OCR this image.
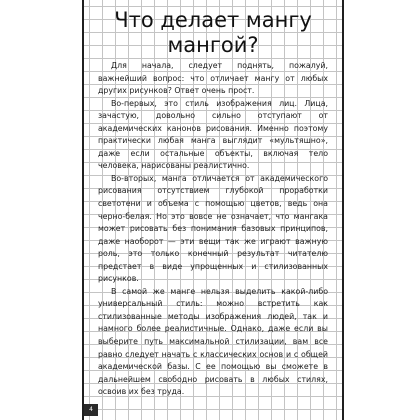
Что делает мангу
мангой?

Для начала, следует поднять, пожалуй, важнейший вопрос: что отличает мангу от любых других рисунков? Ответ очень прост.

Во-первых, это стиль изображения лиц. Лица, зачастую, довольно сильно отступают от академических канонов рисования. Именно поэтому практически любая манга выглядит «мультяшно», даже если остальные объекты, включая тело человека, нарисованы реалистично.

Во-вторых, манга отличается от академического рисования отсутствием глубокой проработки светотени и объема с помощью цветов, ведь она черно-белая. Но это вовсе не означает, что мангака может рисовать без понимания базовых принципов, даже наоборот — эти вещи так же играют важную роль, это только конечный результат читателю предстает в виде упрощенных и стилизованных рисунков.

В самой же манге нельзя выделить какой-либо универсальный стиль: можно встретить как стилизованные методы изображения людей, так и намного более реалистичные. Однако, даже если вы выберите путь максимальной стилизации, вам все равно следует начать с классических основ и с общей академической базы. С ее помощью вы сможете в дальнейшем свободно рисовать в любых стилях, освоив их без труда.

4
